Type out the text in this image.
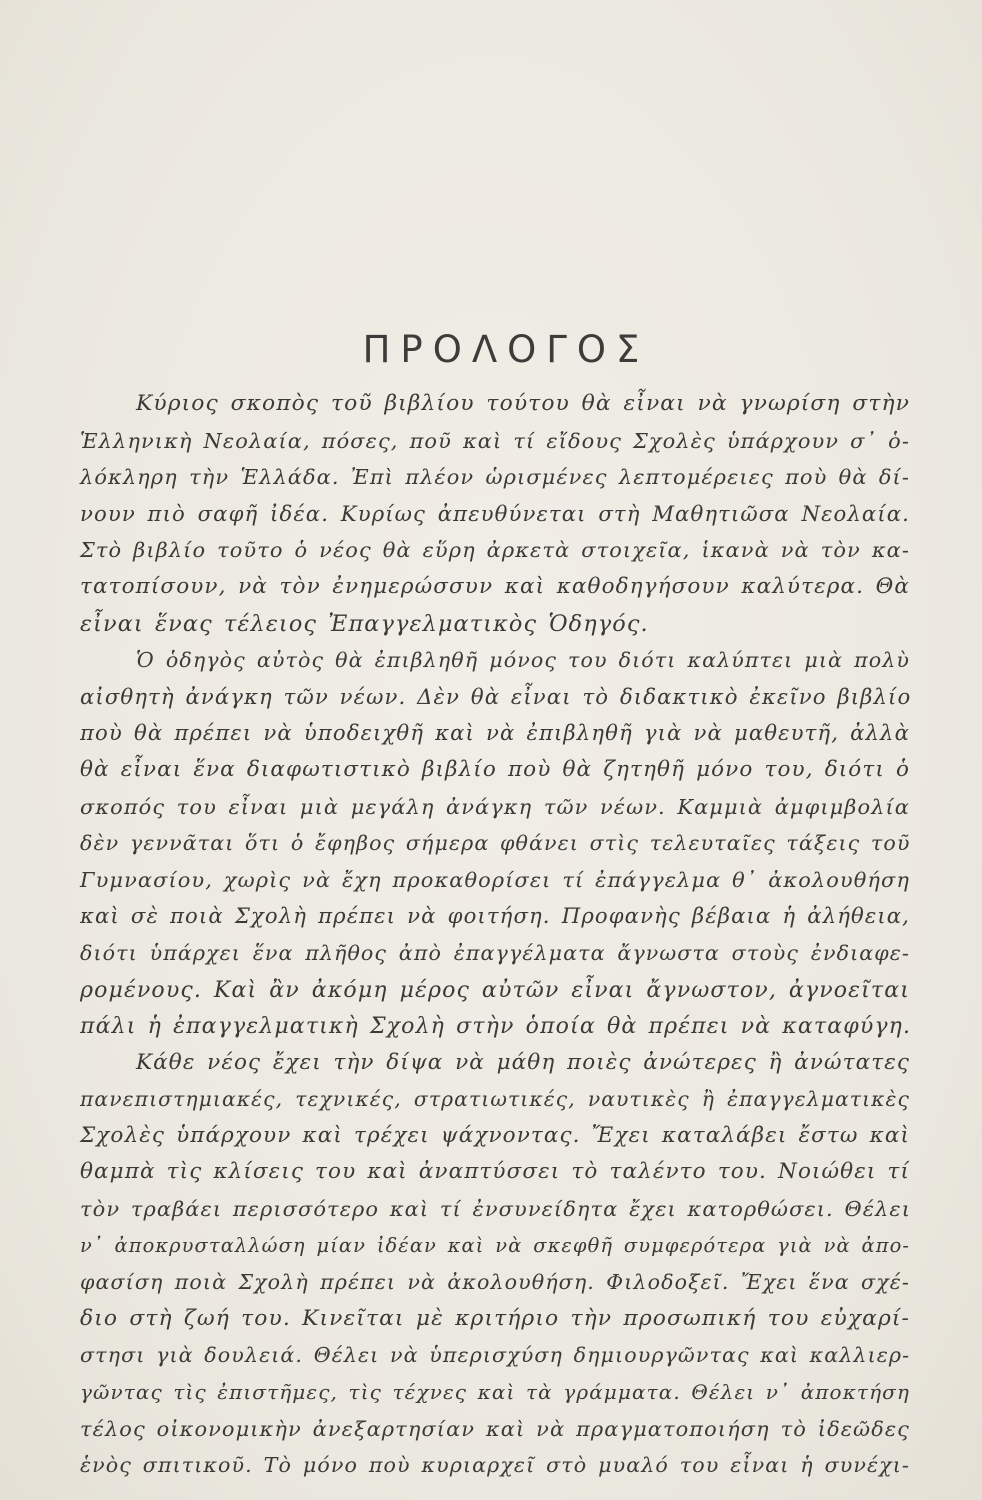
ΠΡΟΛΟΓΟΣ
Κύριος σκοπὸς τοῦ βιβλίου τούτου θὰ εἶναι νὰ γνωρίση στὴν
Ἑλληνικὴ Νεολαία, πόσες, ποῦ καὶ τί εἴδους Σχολὲς ὑπάρχουν σ᾽ ὁ-
λόκληρη τὴν Ἑλλάδα. Ἐπὶ πλέον ὡρισμένες λεπτομέρειες ποὺ θὰ δί-
νουν πιὸ σαφῆ ἰδέα. Κυρίως ἀπευθύνεται στὴ Μαθητιῶσα Νεολαία.
Στὸ βιβλίο τοῦτο ὁ νέος θὰ εὕρη ἀρκετὰ στοιχεῖα, ἱκανὰ νὰ τὸν κα-
τατοπίσουν, νὰ τὸν ἐνημερώσσυν καὶ καθοδηγήσουν καλύτερα. Θὰ
εἶναι ἕνας τέλειος Ἐπαγγελματικὸς Ὁδηγός.
Ὁ ὁδηγὸς αὐτὸς θὰ ἐπιβληθῆ μόνος του διότι καλύπτει μιὰ πολὺ
αἰσθητὴ ἀνάγκη τῶν νέων. Δὲν θὰ εἶναι τὸ διδακτικὸ ἐκεῖνο βιβλίο
ποὺ θὰ πρέπει νὰ ὑποδειχθῆ καὶ νὰ ἐπιβληθῆ γιὰ νὰ μαθευτῆ, ἀλλὰ
θὰ εἶναι ἕνα διαφωτιστικὸ βιβλίο ποὺ θὰ ζητηθῆ μόνο του, διότι ὁ
σκοπός του εἶναι μιὰ μεγάλη ἀνάγκη τῶν νέων. Καμμιὰ ἀμφιμβολία
δὲν γεννᾶται ὅτι ὁ ἔφηβος σήμερα φθάνει στὶς τελευταῖες τάξεις τοῦ
Γυμνασίου, χωρὶς νὰ ἔχη προκαθορίσει τί ἐπάγγελμα θ᾽ ἀκολουθήση
καὶ σὲ ποιὰ Σχολὴ πρέπει νὰ φοιτήση. Προφανὴς βέβαια ἡ ἀλήθεια,
διότι ὑπάρχει ἕνα πλῆθος ἀπὸ ἐπαγγέλματα ἄγνωστα στοὺς ἐνδιαφε-
ρομένους. Καὶ ἂν ἀκόμη μέρος αὐτῶν εἶναι ἄγνωστον, ἀγνοεῖται
πάλι ἡ ἐπαγγελματικὴ Σχολὴ στὴν ὁποία θὰ πρέπει νὰ καταφύγη.
Κάθε νέος ἔχει τὴν δίψα νὰ μάθη ποιὲς ἀνώτερες ἢ ἀνώτατες
πανεπιστημιακές, τεχνικές, στρατιωτικές, ναυτικὲς ἢ ἐπαγγελματικὲς
Σχολὲς ὑπάρχουν καὶ τρέχει ψάχνοντας. Ἔχει καταλάβει ἔστω καὶ
θαμπὰ τὶς κλίσεις του καὶ ἀναπτύσσει τὸ ταλέντο του. Νοιώθει τί
τὸν τραβάει περισσότερο καὶ τί ἐνσυνείδητα ἔχει κατορθώσει. Θέλει
ν᾽ ἀποκρυσταλλώση μίαν ἰδέαν καὶ νὰ σκεφθῆ συμφερότερα γιὰ νὰ ἀπο-
φασίση ποιὰ Σχολὴ πρέπει νὰ ἀκολουθήση. Φιλοδοξεῖ. Ἔχει ἕνα σχέ-
διο στὴ ζωή του. Κινεῖται μὲ κριτήριο τὴν προσωπική του εὐχαρί-
στησι γιὰ δουλειά. Θέλει νὰ ὑπερισχύση δημιουργῶντας καὶ καλλιερ-
γῶντας τὶς ἐπιστῆμες, τὶς τέχνες καὶ τὰ γράμματα. Θέλει ν᾽ ἀποκτήση
τέλος οἰκονομικὴν ἀνεξαρτησίαν καὶ νὰ πραγματοποιήση τὸ ἰδεῶδες
ἑνὸς σπιτικοῦ. Τὸ μόνο ποὺ κυριαρχεῖ στὸ μυαλό του εἶναι ἡ συνέχι-
